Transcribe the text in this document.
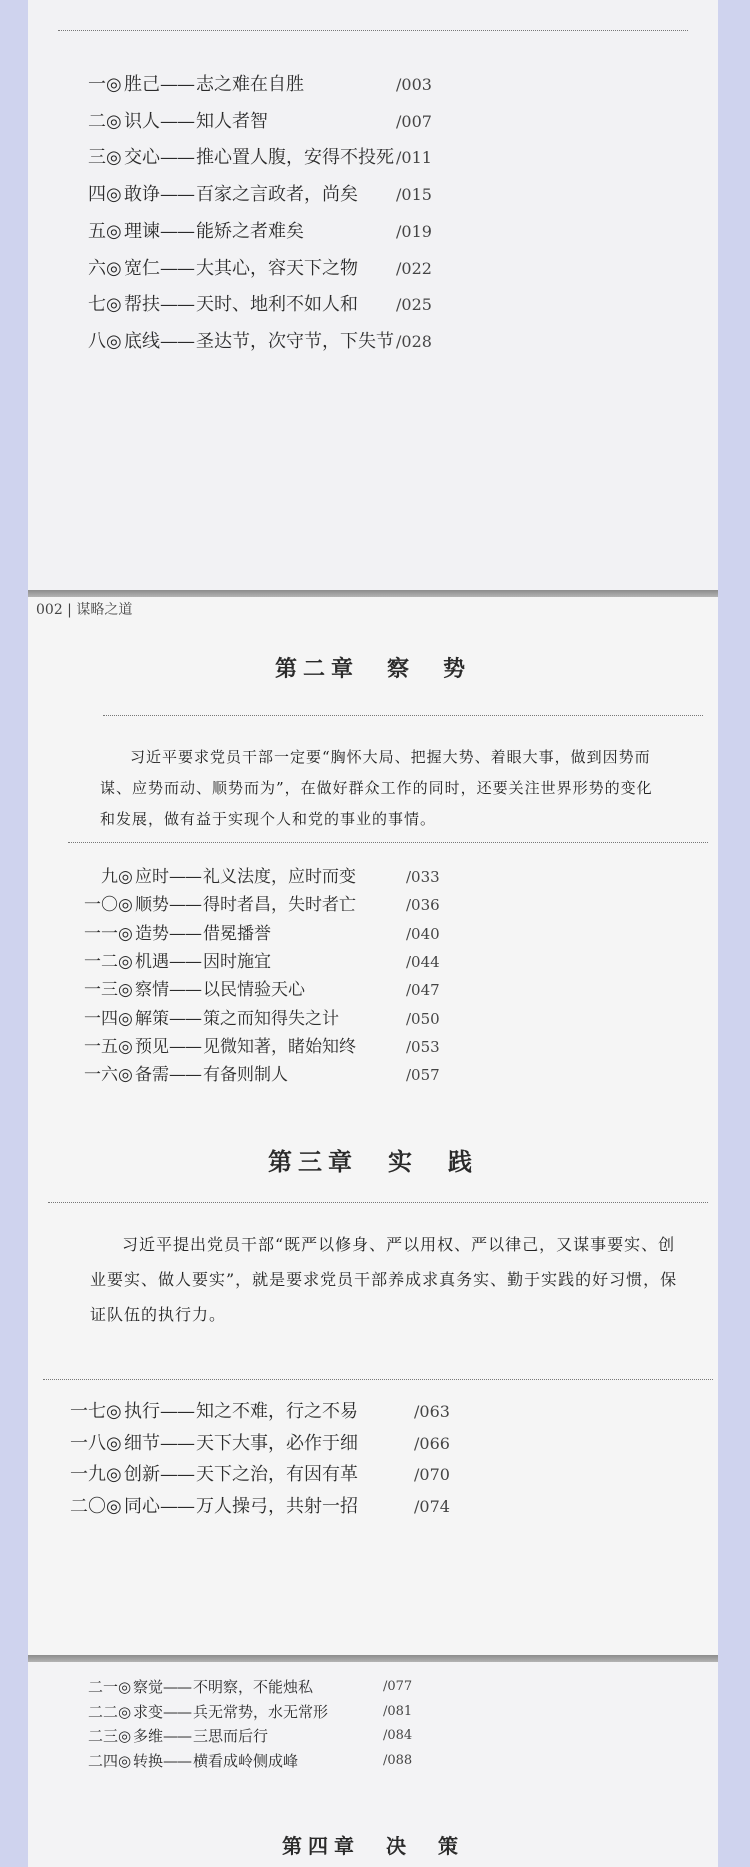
一 ◎ 胜己 —— 志之难在自胜	/003
二 ◎ 识人 —— 知人者智	/007
三 ◎ 交心 —— 推心置人腹，安得不投死 /011
四 ◎ 敢诤 —— 百家之言政者，尚矣 /015
五 ◎ 理谏 —— 能矫之者难矣	/019
六 ◎ 宽仁 —— 大其心，容天下之物 /022
七 ◎ 帮扶 —— 天时、地利不如人和 /025
八 ◎ 底线 —— 圣达节，次守节，下失节 /028
002 | 谋略之道
第二章　察　势
习近平要求党员干部一定要“胸怀大局、把握大势、着眼大事，做到因势而谋、应势而动、顺势而为”，在做好群众工作的同时，还要关注世界形势的变化和发展，做有益于实现个人和党的事业的事情。
九 ◎ 应时 —— 礼义法度，应时而变	/033
一〇 ◎ 顺势 —— 得时者昌，失时者亡	/036
一一 ◎ 造势 —— 借冕播誉	/040
一二 ◎ 机遇 —— 因时施宜	/044
一三 ◎ 察情 —— 以民情验天心	/047
一四 ◎ 解策 —— 策之而知得失之计	/050
一五 ◎ 预见 —— 见微知著，睹始知终	/053
一六 ◎ 备需 —— 有备则制人	/057
第三章　实　践
习近平提出党员干部“既严以修身、严以用权、严以律己，又谋事要实、创业要实、做人要实”，就是要求党员干部养成求真务实、勤于实践的好习惯，保证队伍的执行力。
一七 ◎ 执行 —— 知之不难，行之不易	/063
一八 ◎ 细节 —— 天下大事，必作于细	/066
一九 ◎ 创新 —— 天下之治，有因有革	/070
二〇 ◎ 同心 —— 万人操弓，共射一招	/074
二一 ◎ 察觉 —— 不明察，不能烛私	/077
二二 ◎ 求变 —— 兵无常势，水无常形	/081
二三 ◎ 多维 —— 三思而后行	/084
二四 ◎ 转换 —— 横看成岭侧成峰	/088
第四章　决　策
